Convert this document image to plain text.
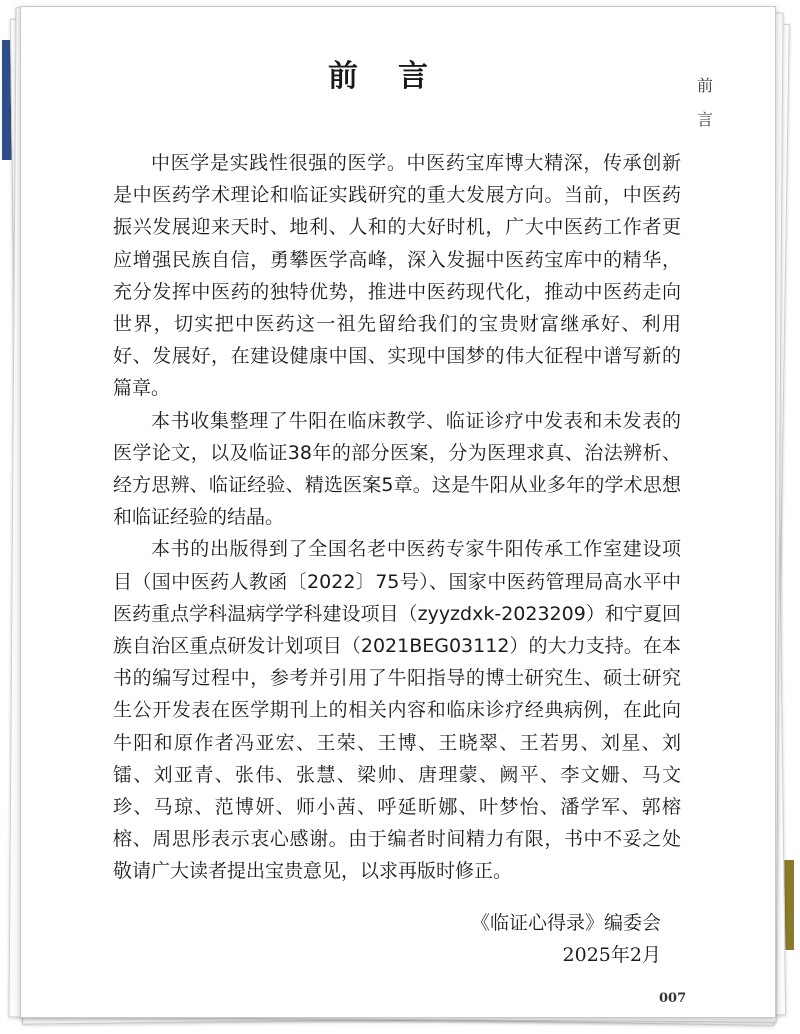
前言	前言

中医学是实践性很强的医学。中医药宝库博大精深，传承创新是中医药学术理论和临证实践研究的重大发展方向。当前，中医药振兴发展迎来天时、地利、人和的大好时机，广大中医药工作者更应增强民族自信，勇攀医学高峰，深入发掘中医药宝库中的精华，充分发挥中医药的独特优势，推进中医药现代化，推动中医药走向世界，切实把中医药这一祖先留给我们的宝贵财富继承好、利用好、发展好，在建设健康中国、实现中国梦的伟大征程中谱写新的篇章。

本书收集整理了牛阳在临床教学、临证诊疗中发表和未发表的医学论文，以及临证38年的部分医案，分为医理求真、治法辨析、经方思辨、临证经验、精选医案5章。这是牛阳从业多年的学术思想和临证经验的结晶。

本书的出版得到了全国名老中医药专家牛阳传承工作室建设项目（国中医药人教函〔2022〕75号）、国家中医药管理局高水平中医药重点学科温病学学科建设项目（zyyzdxk-2023209）和宁夏回族自治区重点研发计划项目（2021BEG03112）的大力支持。在本书的编写过程中，参考并引用了牛阳指导的博士研究生、硕士研究生公开发表在医学期刊上的相关内容和临床诊疗经典病例，在此向牛阳和原作者冯亚宏、王荣、王博、王晓翠、王若男、刘星、刘镭、刘亚青、张伟、张慧、梁帅、唐理蒙、阙平、李文姗、马文珍、马琼、范博妍、师小茜、呼延昕娜、叶梦怡、潘学军、郭榕榕、周思彤表示衷心感谢。由于编者时间精力有限，书中不妥之处敬请广大读者提出宝贵意见，以求再版时修正。

《临证心得录》编委会
2025年2月
007
